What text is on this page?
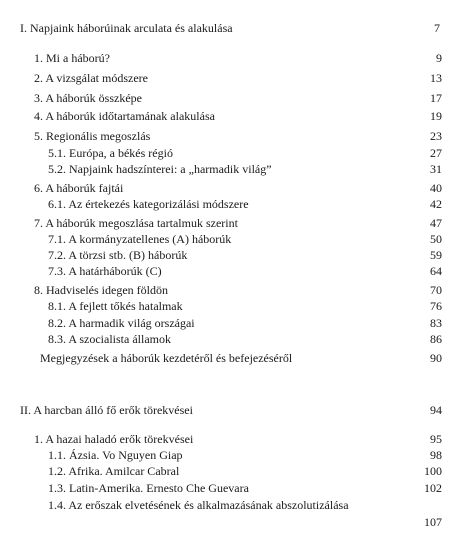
I. Napjaink háborúinak arculata és alakulása	7
1. Mi a háború?	9
2. A vizsgálat módszere	13
3. A háborúk összképe	17
4. A háborúk időtartamának alakulása	19
5. Regionális megoszlás	23
5.1. Európa, a békés régió	27
5.2. Napjaink hadszínterei: a „harmadik világ”	31
6. A háborúk fajtái	40
6.1. Az értekezés kategorizálási módszere	42
7. A háborúk megoszlása tartalmuk szerint	47
7.1. A kormányzatellenes (A) háborúk	50
7.2. A törzsi stb. (B) háborúk	59
7.3. A határháborúk (C)	64
8. Hadviselés idegen földön	70
8.1. A fejlett tőkés hatalmak	76
8.2. A harmadik világ országai	83
8.3. A szocialista államok	86
Megjegyzések a háborúk kezdetéről és befejezéséről	90
II. A harcban álló fő erők törekvései	94
1. A hazai haladó erők törekvései	95
1.1. Ázsia. Vo Nguyen Giap	98
1.2. Afrika. Amilcar Cabral	100
1.3. Latin-Amerika. Ernesto Che Guevara	102
1.4. Az erőszak elvetésének és alkalmazásának abszolutizálása
107
